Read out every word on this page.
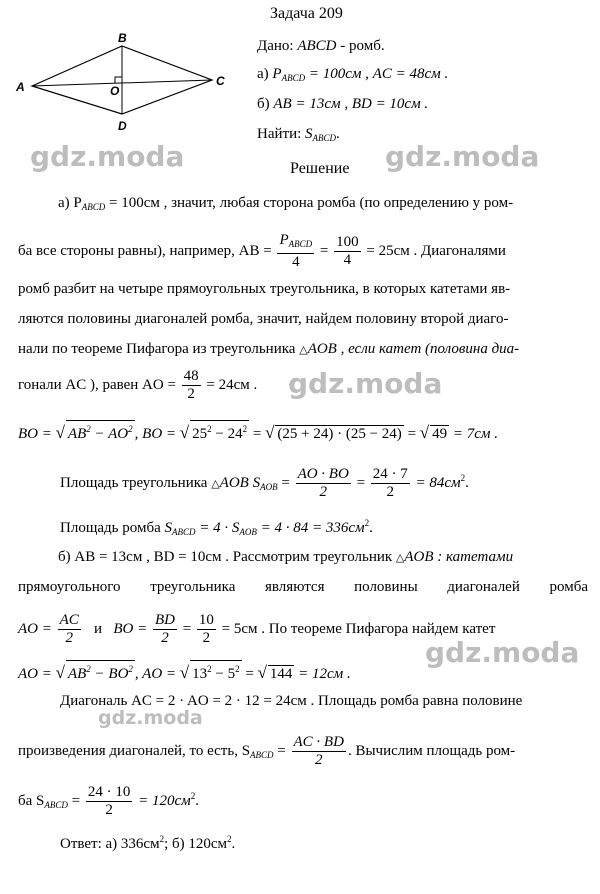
Задача 209
A
B
C
D
O
Дано: ABCD - ромб.
а) $P_{ABCD} = 100см$ , AC = 48см .
б) AB = 13см , BD = 10см .
Найти: $S_{ABCD}$.
gdz.moda	gdz.moda
gdz.moda
gdz.moda
gdz.moda
Решение
а) $P_{ABCD} = 100см$ , значит, любая сторона ромба (по определению у ром-
ба все стороны равны), например, AB = $\frac{P_{ABCD}}{4} = \frac{100}{4} = 25см$ . Диагоналями
ромб разбит на четыре прямоугольных треугольника, в которых катетами яв-
ляются половины диагоналей ромба, значит, найдем половину второй диаго-
нали по теореме Пифагора из треугольника △AOB , если катет (половина диа-
гонали AC ), равен AO = $\frac{48}{2} = 24см$ .
BO = √ $AB^2 - AO^2$ , BO = √ $25^2 - 24^2$ = √ (25 + 24) · (25 − 24) = √ 49 = 7см .
Площадь треугольника △AOB $S_{AOB} = \frac{AO \cdot BO}{2} = \frac{24 \cdot 7}{2} = 84см^2$.
Площадь ромба $S_{ABCD} = 4 \cdot S_{AOB} = 4 \cdot 84 = 336см^2$.
б) AB = 13см , BD = 10см . Рассмотрим треугольник △AOB : катетами
прямоугольного треугольника являются половины диагоналей ромба
AO = $\frac{AC}{2}$ и BO = $\frac{BD}{2} = \frac{10}{2} = 5см$ . По теореме Пифагора найдем катет
AO = √ $AB^2 - BO^2$ , AO = √ $13^2 - 5^2$ = √ 144 = 12см .
Диагональ AC = 2 · AO = 2 · 12 = 24см . Площадь ромба равна половине
произведения диагоналей, то есть, $S_{ABCD} = \frac{AC \cdot BD}{2}$ . Вычислим площадь ром-
ба $S_{ABCD} = \frac{24 \cdot 10}{2} = 120см^2$.
Ответ: а) $336см^2$; б) $120см^2$.
